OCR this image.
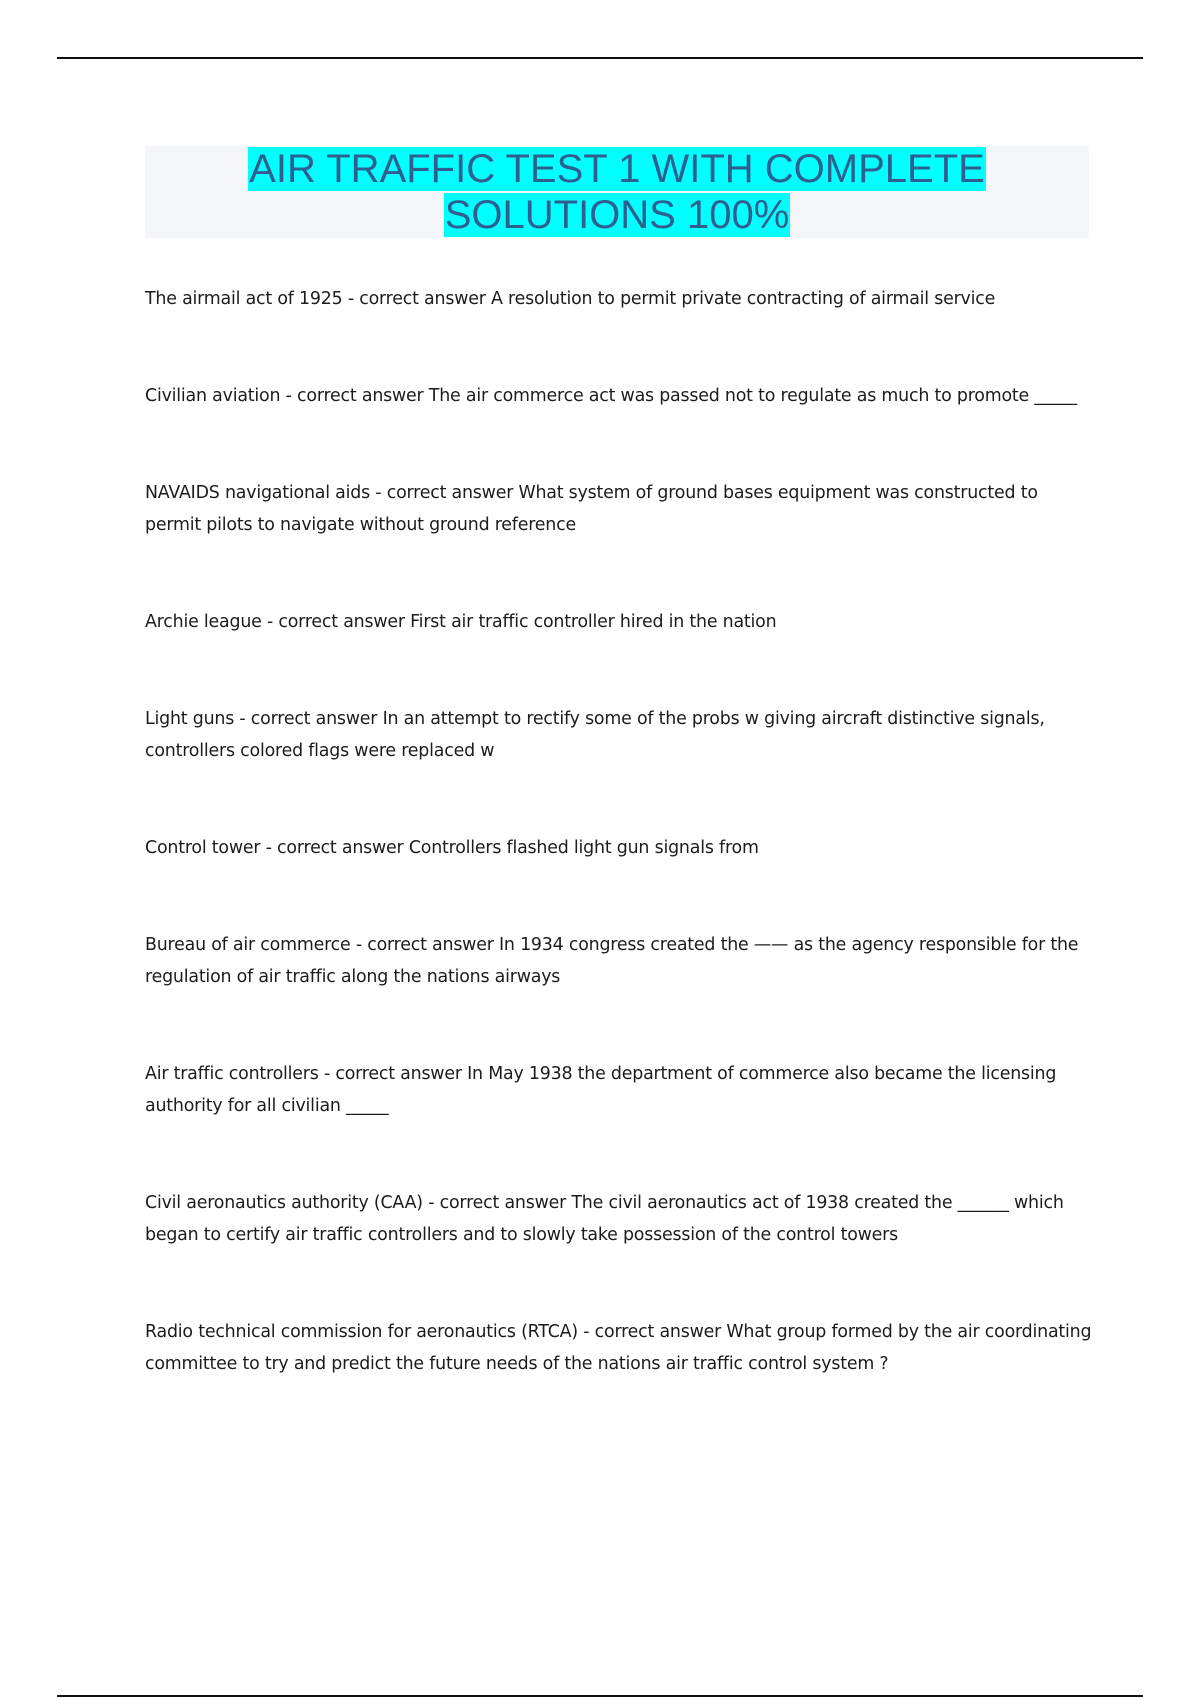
AIR TRAFFIC TEST 1 WITH COMPLETE
SOLUTIONS 100%
The airmail act of 1925 - correct answer A resolution to permit private contracting of airmail service
Civilian aviation - correct answer The air commerce act was passed not to regulate as much to promote _____
NAVAIDS navigational aids - correct answer What system of ground bases equipment was constructed to permit pilots to navigate without ground reference
Archie league - correct answer First air traffic controller hired in the nation
Light guns - correct answer In an attempt to rectify some of the probs w giving aircraft distinctive signals, controllers colored flags were replaced w
Control tower - correct answer Controllers flashed light gun signals from
Bureau of air commerce - correct answer In 1934 congress created the —— as the agency responsible for the regulation of air traffic along the nations airways
Air traffic controllers - correct answer In May 1938 the department of commerce also became the licensing authority for all civilian _____
Civil aeronautics authority (CAA) - correct answer The civil aeronautics act of 1938 created the ______ which began to certify air traffic controllers and to slowly take possession of the control towers
Radio technical commission for aeronautics (RTCA) - correct answer What group formed by the air coordinating committee to try and predict the future needs of the nations air traffic control system ?
